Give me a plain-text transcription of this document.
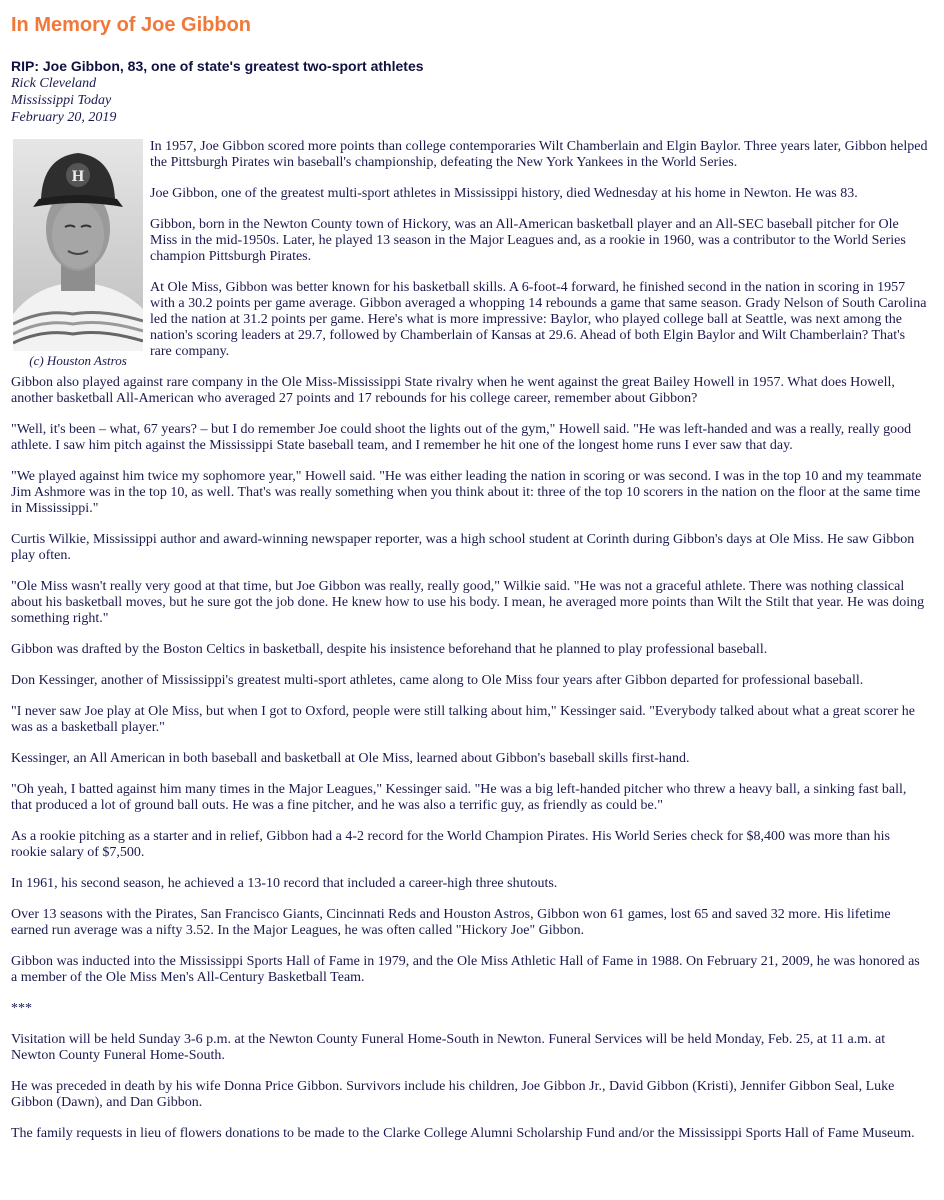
In Memory of Joe Gibbon
RIP: Joe Gibbon, 83, one of state's greatest two-sport athletes
Rick Cleveland
Mississippi Today
February 20, 2019
H
(c) Houston Astros

In 1957, Joe Gibbon scored more points than college contemporaries Wilt Chamberlain and Elgin Baylor. Three years later, Gibbon helped the Pittsburgh Pirates win baseball's championship, defeating the New York Yankees in the World Series.

Joe Gibbon, one of the greatest multi-sport athletes in Mississippi history, died Wednesday at his home in Newton. He was 83.

Gibbon, born in the Newton County town of Hickory, was an All-American basketball player and an All-SEC baseball pitcher for Ole Miss in the mid-1950s. Later, he played 13 season in the Major Leagues and, as a rookie in 1960, was a contributor to the World Series champion Pittsburgh Pirates.

At Ole Miss, Gibbon was better known for his basketball skills. A 6-foot-4 forward, he finished second in the nation in scoring in 1957 with a 30.2 points per game average. Gibbon averaged a whopping 14 rebounds a game that same season. Grady Nelson of South Carolina led the nation at 31.2 points per game. Here's what is more impressive: Baylor, who played college ball at Seattle, was next among the nation's scoring leaders at 29.7, followed by Chamberlain of Kansas at 29.6. Ahead of both Elgin Baylor and Wilt Chamberlain? That's rare company.

Gibbon also played against rare company in the Ole Miss-Mississippi State rivalry when he went against the great Bailey Howell in 1957. What does Howell, another basketball All-American who averaged 27 points and 17 rebounds for his college career, remember about Gibbon?

"Well, it's been – what, 67 years? – but I do remember Joe could shoot the lights out of the gym," Howell said. "He was left-handed and was a really, really good athlete. I saw him pitch against the Mississippi State baseball team, and I remember he hit one of the longest home runs I ever saw that day.

"We played against him twice my sophomore year," Howell said. "He was either leading the nation in scoring or was second. I was in the top 10 and my teammate Jim Ashmore was in the top 10, as well. That's was really something when you think about it: three of the top 10 scorers in the nation on the floor at the same time in Mississippi."

Curtis Wilkie, Mississippi author and award-winning newspaper reporter, was a high school student at Corinth during Gibbon's days at Ole Miss. He saw Gibbon play often.

"Ole Miss wasn't really very good at that time, but Joe Gibbon was really, really good," Wilkie said. "He was not a graceful athlete. There was nothing classical about his basketball moves, but he sure got the job done. He knew how to use his body. I mean, he averaged more points than Wilt the Stilt that year. He was doing something right."

Gibbon was drafted by the Boston Celtics in basketball, despite his insistence beforehand that he planned to play professional baseball.

Don Kessinger, another of Mississippi's greatest multi-sport athletes, came along to Ole Miss four years after Gibbon departed for professional baseball.

"I never saw Joe play at Ole Miss, but when I got to Oxford, people were still talking about him," Kessinger said. "Everybody talked about what a great scorer he was as a basketball player."

Kessinger, an All American in both baseball and basketball at Ole Miss, learned about Gibbon's baseball skills first-hand.

"Oh yeah, I batted against him many times in the Major Leagues," Kessinger said. "He was a big left-handed pitcher who threw a heavy ball, a sinking fast ball, that produced a lot of ground ball outs. He was a fine pitcher, and he was also a terrific guy, as friendly as could be."

As a rookie pitching as a starter and in relief, Gibbon had a 4-2 record for the World Champion Pirates. His World Series check for $8,400 was more than his rookie salary of $7,500.

In 1961, his second season, he achieved a 13-10 record that included a career-high three shutouts.

Over 13 seasons with the Pirates, San Francisco Giants, Cincinnati Reds and Houston Astros, Gibbon won 61 games, lost 65 and saved 32 more. His lifetime earned run average was a nifty 3.52. In the Major Leagues, he was often called "Hickory Joe" Gibbon.

Gibbon was inducted into the Mississippi Sports Hall of Fame in 1979, and the Ole Miss Athletic Hall of Fame in 1988. On February 21, 2009, he was honored as a member of the Ole Miss Men's All-Century Basketball Team.

***

Visitation will be held Sunday 3-6 p.m. at the Newton County Funeral Home-South in Newton. Funeral Services will be held Monday, Feb. 25, at 11 a.m. at Newton County Funeral Home-South.

He was preceded in death by his wife Donna Price Gibbon. Survivors include his children, Joe Gibbon Jr., David Gibbon (Kristi), Jennifer Gibbon Seal, Luke Gibbon (Dawn), and Dan Gibbon.

The family requests in lieu of flowers donations to be made to the Clarke College Alumni Scholarship Fund and/or the Mississippi Sports Hall of Fame Museum.
